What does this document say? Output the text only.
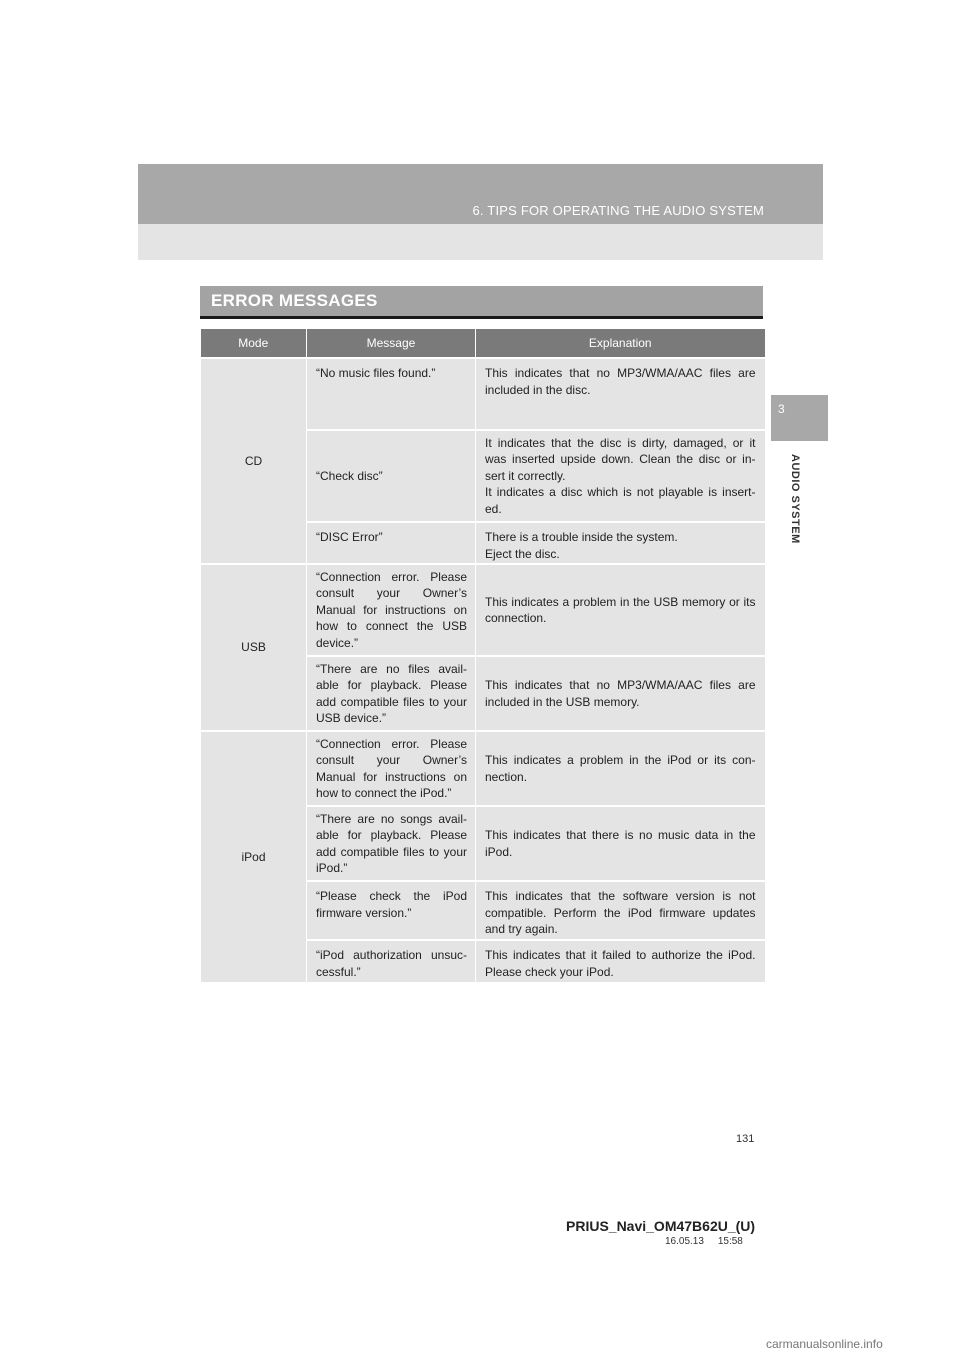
6. TIPS FOR OPERATING THE AUDIO SYSTEM
3
AUDIO SYSTEM
ERROR MESSAGES
Mode	Message	Explanation
CD	“No music files found.”	This indicates that no MP3/WMA/AAC files are included in the disc.
	“Check disc”	It indicates that the disc is dirty, damaged, or it was inserted upside down. Clean the disc or in- sert it correctly.
It indicates a disc which is not playable is insert- ed.
	“DISC Error”	There is a trouble inside the system.
Eject the disc.
USB	“Connection error. Please consult your Owner’s Manual for instructions on how to connect the USB device.”	This indicates a problem in the USB memory or its connection.
	“There are no files avail- able for playback. Please add compatible files to your USB device.”	This indicates that no MP3/WMA/AAC files are included in the USB memory.
iPod	“Connection error. Please consult your Owner’s Manual for instructions on how to connect the iPod.”	This indicates a problem in the iPod or its con- nection.
	“There are no songs avail- able for playback. Please add compatible files to your iPod.”	This indicates that there is no music data in the iPod.
	“Please check the iPod firmware version.”	This indicates that the software version is not compatible. Perform the iPod firmware updates and try again.
	“iPod authorization unsuc- cessful.”	This indicates that it failed to authorize the iPod. Please check your iPod.
131
PRIUS_Navi_OM47B62U_(U)
16.05.13     15:58
carmanualsonline.info
